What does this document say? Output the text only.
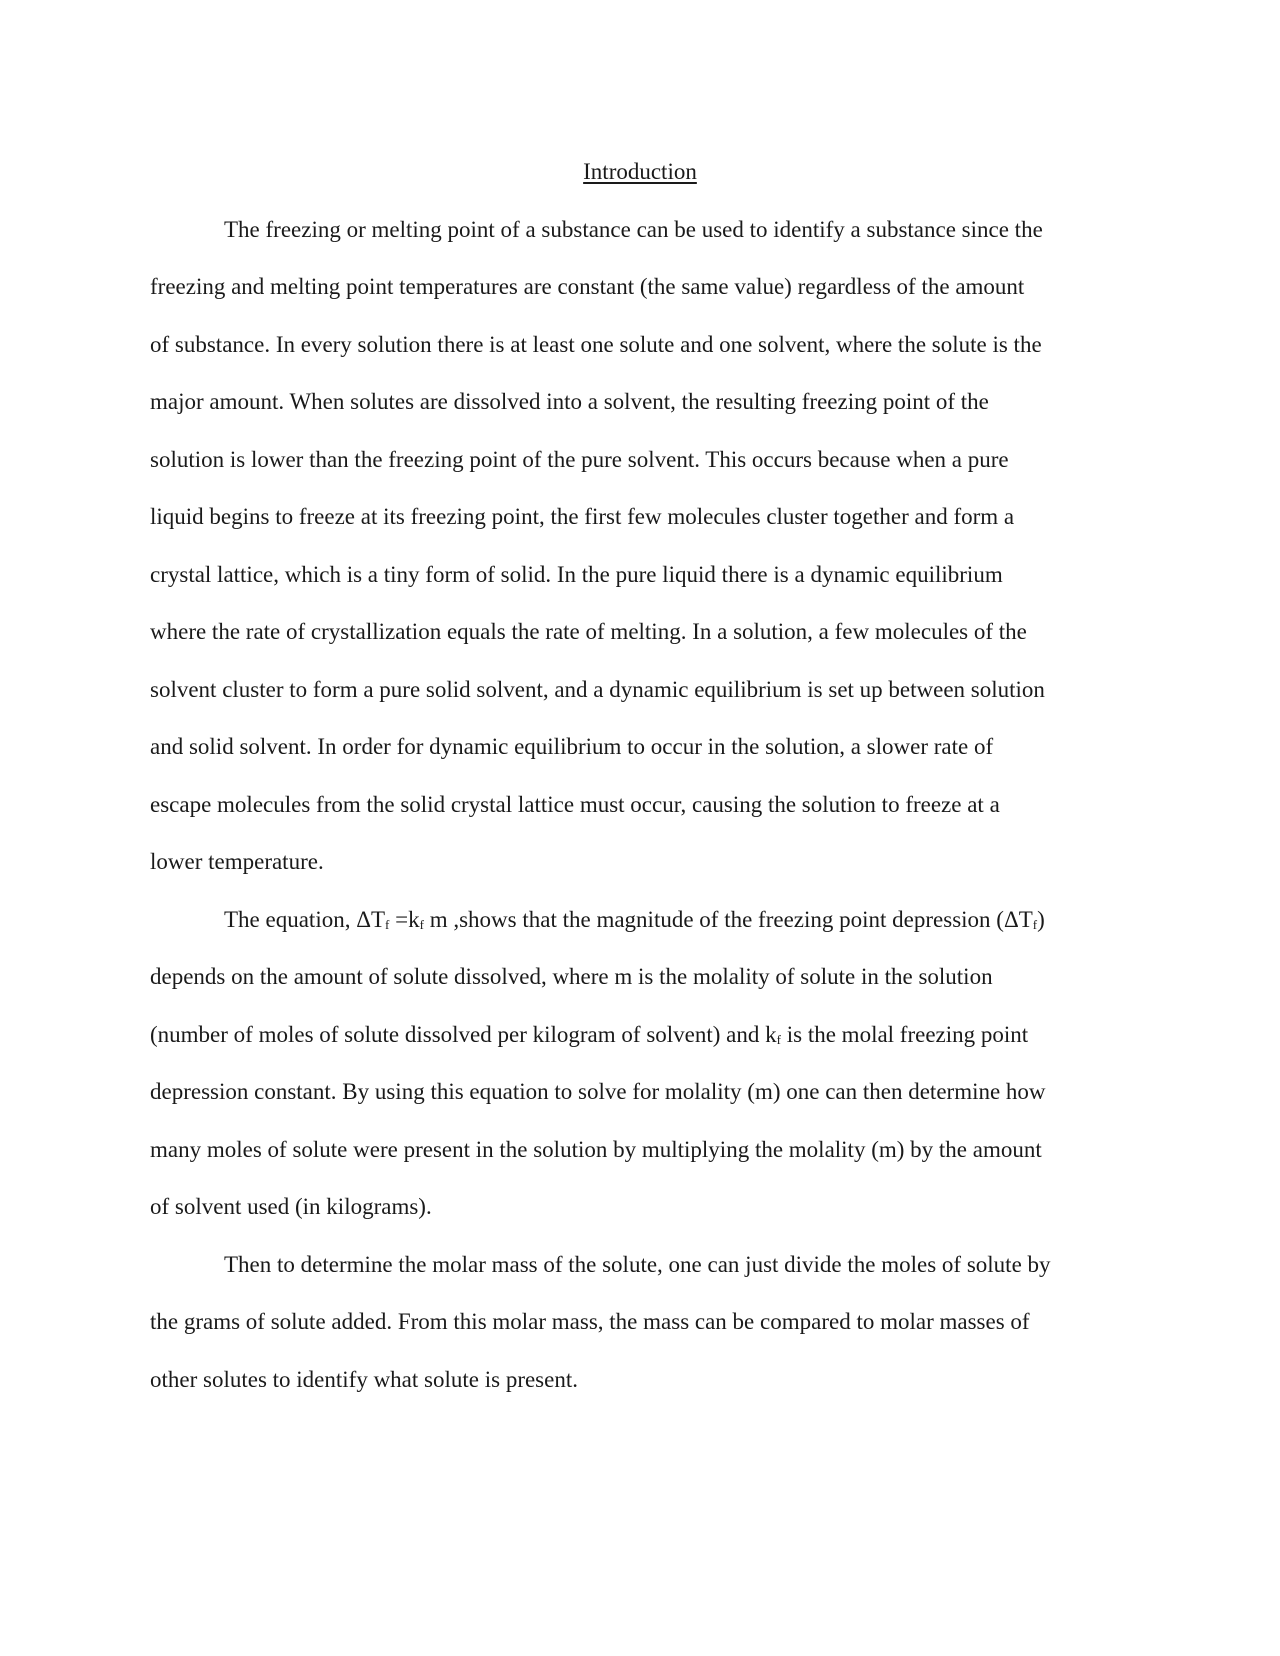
Introduction
The freezing or melting point of a substance can be used to identify a substance since the
freezing and melting point temperatures are constant (the same value) regardless of the amount
of substance. In every solution there is at least one solute and one solvent, where the solute is the
major amount. When solutes are dissolved into a solvent, the resulting freezing point of the
solution is lower than the freezing point of the pure solvent. This occurs because when a pure
liquid begins to freeze at its freezing point, the first few molecules cluster together and form a
crystal lattice, which is a tiny form of solid. In the pure liquid there is a dynamic equilibrium
where the rate of crystallization equals the rate of melting. In a solution, a few molecules of the
solvent cluster to form a pure solid solvent, and a dynamic equilibrium is set up between solution
and solid solvent. In order for dynamic equilibrium to occur in the solution, a slower rate of
escape molecules from the solid crystal lattice must occur, causing the solution to freeze at a
lower temperature.
The equation, ΔTf =kf m ,shows that the magnitude of the freezing point depression (ΔTf)
depends on the amount of solute dissolved, where m is the molality of solute in the solution
(number of moles of solute dissolved per kilogram of solvent) and kf is the molal freezing point
depression constant. By using this equation to solve for molality (m) one can then determine how
many moles of solute were present in the solution by multiplying the molality (m) by the amount
of solvent used (in kilograms).
Then to determine the molar mass of the solute, one can just divide the moles of solute by
the grams of solute added. From this molar mass, the mass can be compared to molar masses of
other solutes to identify what solute is present.
